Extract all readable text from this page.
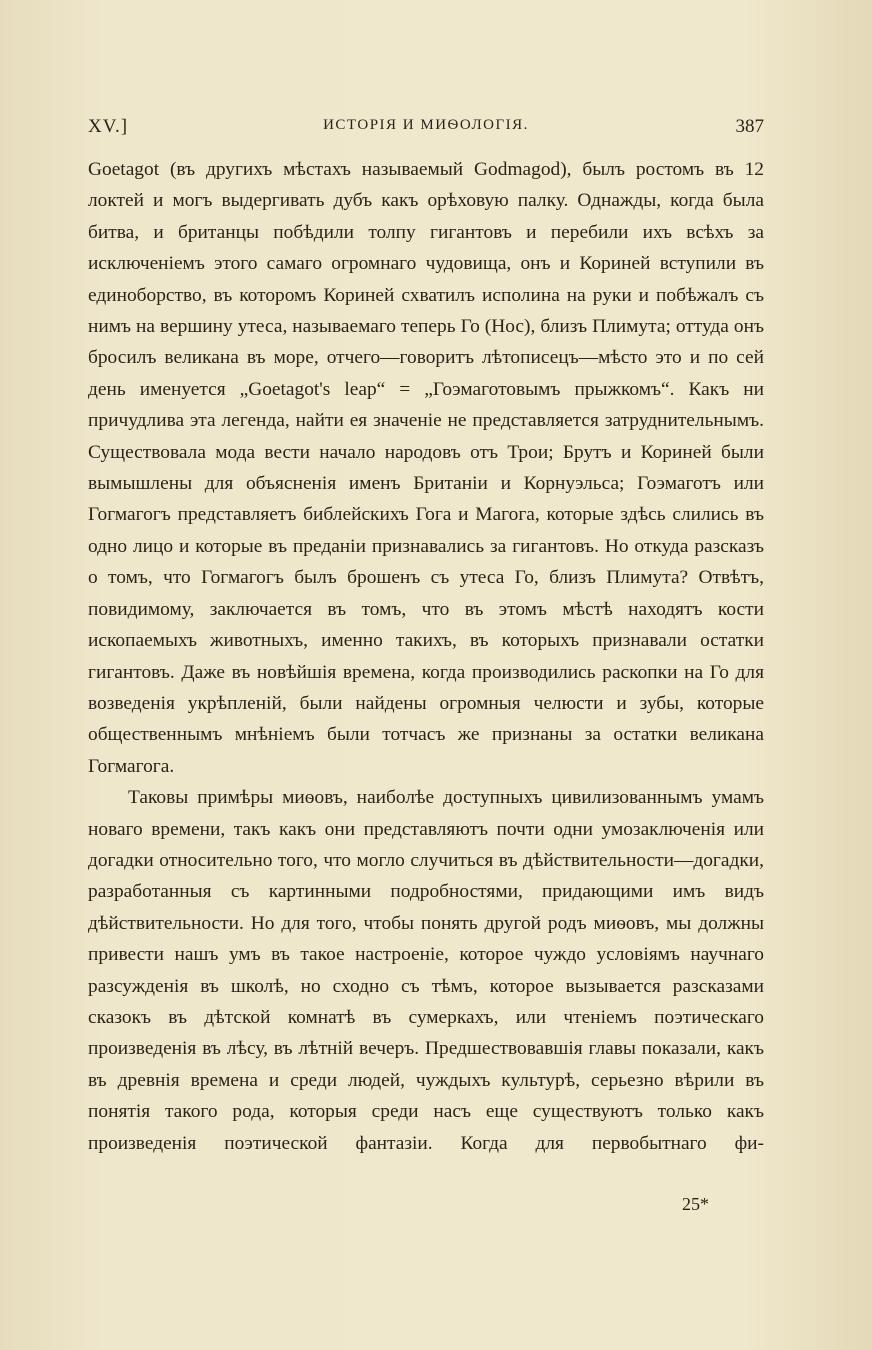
XV.]	ИСТОРІЯ И МИѲОЛОГІЯ.	387

Goetagot (въ другихъ мѣстахъ называемый Godmagod), былъ ростомъ въ 12 локтей и могъ выдергивать дубъ какъ орѣховую палку. Однажды, когда была битва, и британцы побѣдили толпу гигантовъ и перебили ихъ всѣхъ за исключеніемъ этого самаго огромнаго чудовища, онъ и Кориней вступили въ единоборство, въ которомъ Кориней схватилъ исполина на руки и побѣжалъ съ нимъ на вершину утеса, называемаго теперь Го (Нос), близъ Плимута; оттуда онъ бросилъ великана въ море, отчего—говоритъ лѣтописецъ—мѣсто это и по сей день именуется „Goetagot's leap“ = „Гоэмаготовымъ прыжкомъ“. Какъ ни причудлива эта легенда, найти ея значеніе не представляется затруднительнымъ. Существовала мода вести начало народовъ отъ Трои; Брутъ и Кориней были вымышлены для объясненія именъ Британіи и Корнуэльса; Гоэмаготъ или Гогмагогъ представляетъ библейскихъ Гога и Магога, которые здѣсь слились въ одно лицо и которые въ преданіи признавались за гигантовъ. Но откуда разсказъ о томъ, что Гогмагогъ былъ брошенъ съ утеса Го, близъ Плимута? Отвѣтъ, повидимому, заключается въ томъ, что въ этомъ мѣстѣ находятъ кости ископаемыхъ животныхъ, именно такихъ, въ которыхъ признавали остатки гигантовъ. Даже въ новѣйшія времена, когда производились раскопки на Го для возведенія укрѣпленій, были найдены огромныя челюсти и зубы, которые общественнымъ мнѣніемъ были тотчасъ же признаны за остатки великана Гогмагога.

Таковы примѣры миѳовъ, наиболѣе доступныхъ цивилизованнымъ умамъ новаго времени, такъ какъ они представляютъ почти одни умозаключенія или догадки относительно того, что могло случиться въ дѣйствительности—догадки, разработанныя съ картинными подробностями, придающими имъ видъ дѣйствительности. Но для того, чтобы понять другой родъ миѳовъ, мы должны привести нашъ умъ въ такое настроеніе, которое чуждо условіямъ научнаго разсужденія въ школѣ, но сходно съ тѣмъ, которое вызывается разсказами сказокъ въ дѣтской комнатѣ въ сумеркахъ, или чтеніемъ поэтическаго произведенія въ лѣсу, въ лѣтній вечеръ. Предшествовавшія главы показали, какъ въ древнія времена и среди людей, чуждыхъ культурѣ, серьезно вѣрили въ понятія такого рода, которыя среди насъ еще существуютъ только какъ произведенія поэтической фантазіи. Когда для первобытнаго фи-

25*
